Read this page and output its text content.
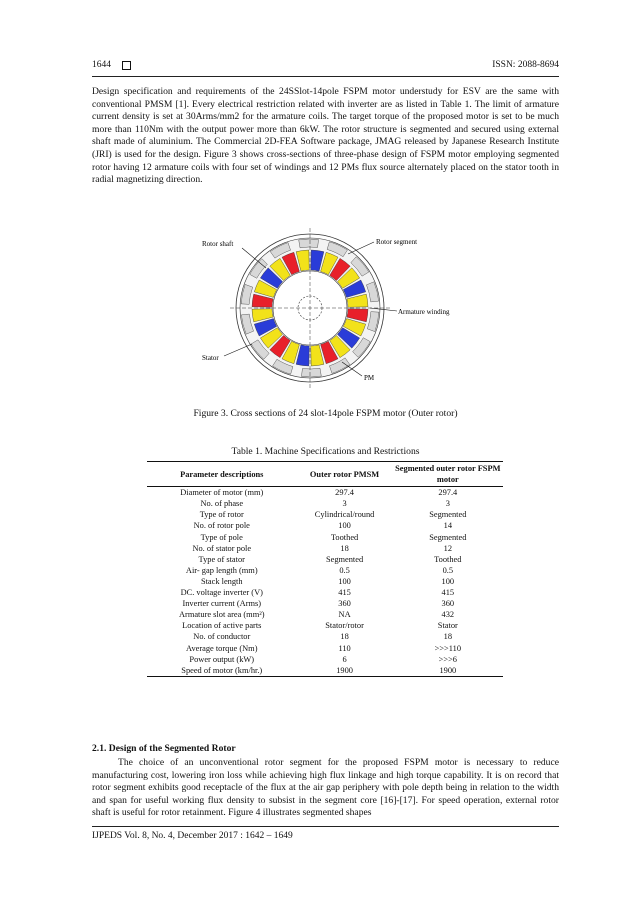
1644	ISSN: 2088-8694

Design specification and requirements of the 24SSlot-14pole FSPM motor understudy for ESV are the same with conventional PMSM [1]. Every electrical restriction related with inverter are as listed in Table 1. The limit of armature current density is set at 30Arms/mm2 for the armature coils. The target torque of the proposed motor is set to be much more than 110Nm with the output power more than 6kW. The rotor structure is segmented and secured using external shaft made of aluminium. The Commercial 2D-FEA Software package, JMAG released by Japanese Research Institute (JRI) is used for the design. Figure 3 shows cross-sections of three-phase design of FSPM motor employing segmented rotor having 12 armature coils with four set of windings and 12 PMs flux source alternately placed on the stator tooth in radial magnetizing direction.

Rotor shaft	Rotor segment
Armature winding
Stator
PM
Figure 3. Cross sections of 24 slot-14pole FSPM motor (Outer rotor)
Table 1. Machine Specifications and Restrictions
Parameter descriptions	Outer rotor PMSM	Segmented outer rotor FSPM motor
Diameter of motor (mm)	297.4	297.4
No. of phase	3	3
Type of rotor	Cylindrical/round	Segmented
No. of rotor pole	100	14
Type of pole	Toothed	Segmented
No. of stator pole	18	12
Type of stator	Segmented	Toothed
Air- gap length (mm)	0.5	0.5
Stack length	100	100
DC. voltage inverter (V)	415	415
Inverter current (Arms)	360	360
Armature slot area (mm²)	NA	432
Location of active parts	Stator/rotor	Stator
No. of conductor	18	18
Average torque (Nm)	110	>>>110
Power output (kW)	6	>>>6
Speed of motor (km/hr.)	1900	1900
2.1. Design of the Segmented Rotor

The choice of an unconventional rotor segment for the proposed FSPM motor is necessary to reduce manufacturing cost, lowering iron loss while achieving high flux linkage and high torque capability. It is on record that rotor segment exhibits good receptacle of the flux at the air gap periphery with pole depth being in relation to the width and span for useful working flux density to subsist in the segment core [16]-[17]. For speed operation, external rotor shaft is useful for rotor retainment. Figure 4 illustrates segmented shapes

IJPEDS Vol. 8, No. 4, December 2017 : 1642 – 1649
